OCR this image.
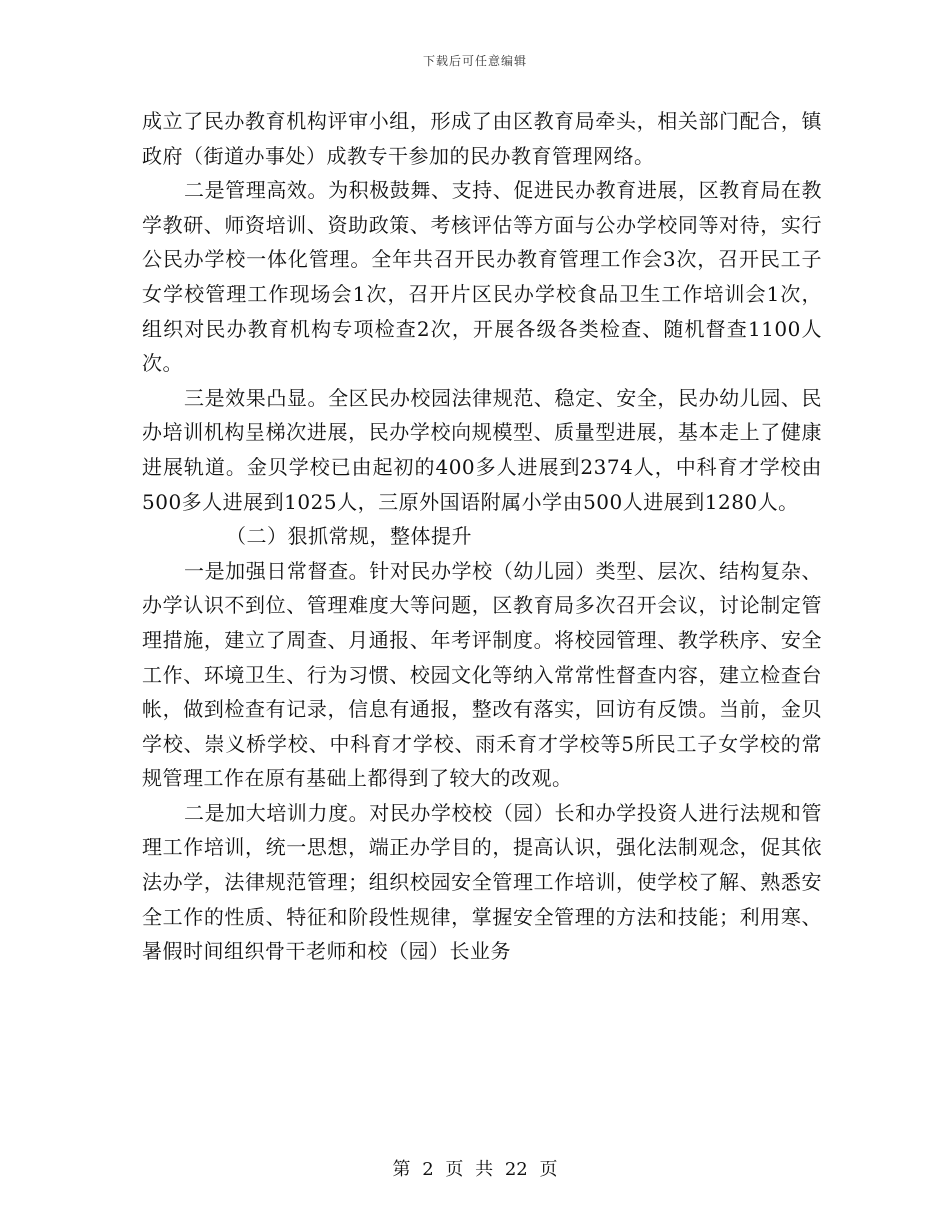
下载后可任意编辑

成立了民办教育机构评审小组，形成了由区教育局牵头，相关部门配合，镇政府（街道办事处）成教专干参加的民办教育管理网络。

二是管理高效。为积极鼓舞、支持、促进民办教育进展，区教育局在教学教研、师资培训、资助政策、考核评估等方面与公办学校同等对待，实行公民办学校一体化管理。全年共召开民办教育管理工作会3次，召开民工子女学校管理工作现场会1次，召开片区民办学校食品卫生工作培训会1次，组织对民办教育机构专项检查2次，开展各级各类检查、随机督查1100人次。

三是效果凸显。全区民办校园法律规范、稳定、安全，民办幼儿园、民办培训机构呈梯次进展，民办学校向规模型、质量型进展，基本走上了健康进展轨道。金贝学校已由起初的400多人进展到2374人，中科育才学校由500多人进展到1025人，三原外国语附属小学由500人进展到1280人。

（二）狠抓常规，整体提升

一是加强日常督查。针对民办学校（幼儿园）类型、层次、结构复杂、办学认识不到位、管理难度大等问题，区教育局多次召开会议，讨论制定管理措施，建立了周查、月通报、年考评制度。将校园管理、教学秩序、安全工作、环境卫生、行为习惯、校园文化等纳入常常性督查内容，建立检查台帐，做到检查有记录，信息有通报，整改有落实，回访有反馈。当前，金贝学校、崇义桥学校、中科育才学校、雨禾育才学校等5所民工子女学校的常规管理工作在原有基础上都得到了较大的改观。

二是加大培训力度。对民办学校校（园）长和办学投资人进行法规和管理工作培训，统一思想，端正办学目的，提高认识，强化法制观念，促其依法办学，法律规范管理；组织校园安全管理工作培训，使学校了解、熟悉安全工作的性质、特征和阶段性规律，掌握安全管理的方法和技能；利用寒、暑假时间组织骨干老师和校（园）长业务

第 2 页 共 22 页
